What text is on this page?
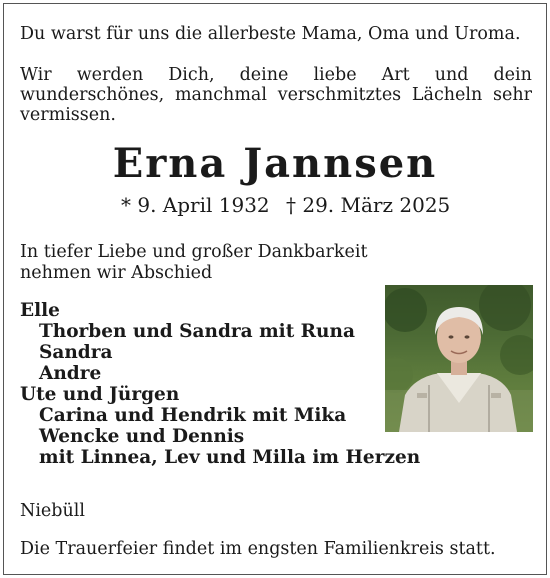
Du warst für uns die allerbeste Mama, Oma und Uroma.
Wir werden Dich, deine liebe Art und dein
wunderschönes, manchmal verschmitztes Lächeln sehr
vermissen.
Erna Jannsen
* 9. April 1932 † 29. März 2025
In tiefer Liebe und großer Dankbarkeit
nehmen wir Abschied
Elle
Thorben und Sandra mit Runa
Sandra
Andre
Ute und Jürgen
Carina und Hendrik mit Mika
Wencke und Dennis
mit Linnea, Lev und Milla im Herzen
Niebüll
Die Trauerfeier findet im engsten Familienkreis statt.
